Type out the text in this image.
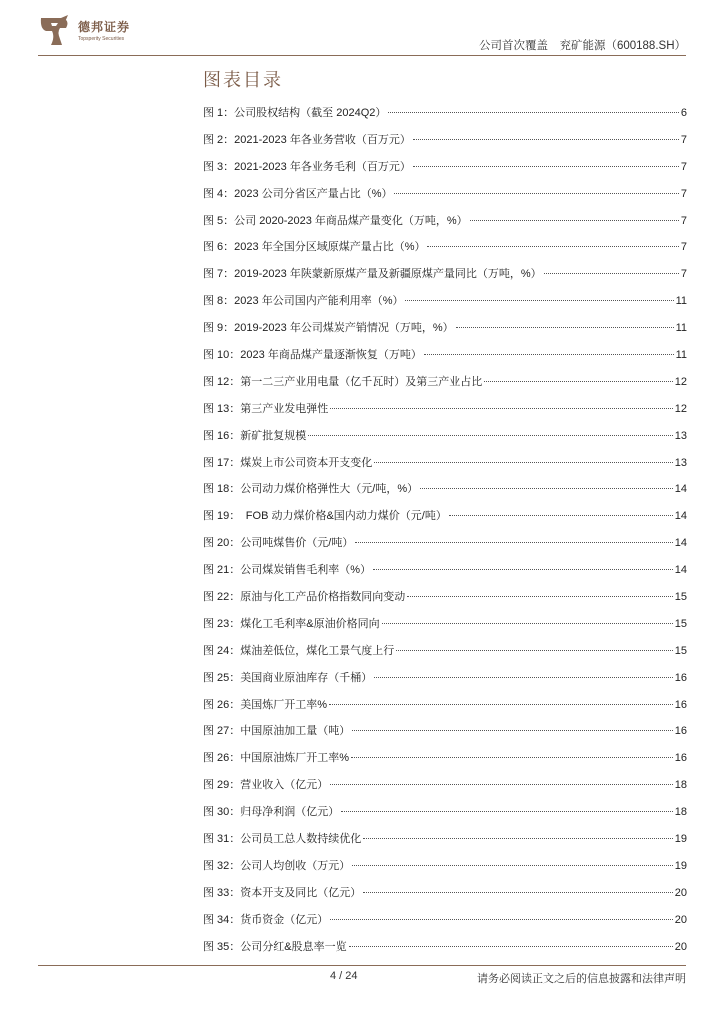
德邦证券
Topsperity Securities
公司首次覆盖　兖矿能源（600188.SH）
图表目录
图 1：公司股权结构（截至 2024Q2）	6
图 2：2021-2023 年各业务营收（百万元）	7
图 3：2021-2023 年各业务毛利（百万元）	7
图 4：2023 公司分省区产量占比（%）	7
图 5：公司 2020-2023 年商品煤产量变化（万吨，%）	7
图 6：2023 年全国分区域原煤产量占比（%）	7
图 7：2019-2023 年陕蒙新原煤产量及新疆原煤产量同比（万吨，%）	7
图 8：2023 年公司国内产能利用率（%）	11
图 9：2019-2023 年公司煤炭产销情况（万吨，%）	11
图 10：2023 年商品煤产量逐渐恢复（万吨）	11
图 12：第一二三产业用电量（亿千瓦时）及第三产业占比	12
图 13：第三产业发电弹性	12
图 16：新矿批复规模	13
图 17：煤炭上市公司资本开支变化	13
图 18：公司动力煤价格弹性大（元/吨，%）	14
图 19：　FOB 动力煤价格&国内动力煤价（元/吨）	14
图 20：公司吨煤售价（元/吨）	14
图 21：公司煤炭销售毛利率（%）	14
图 22：原油与化工产品价格指数同向变动	15
图 23：煤化工毛利率&原油价格同向	15
图 24：煤油差低位，煤化工景气度上行	15
图 25：美国商业原油库存（千桶）	16
图 26：美国炼厂开工率%	16
图 27：中国原油加工量（吨）	16
图 26：中国原油炼厂开工率%	16
图 29：营业收入（亿元）	18
图 30：归母净利润（亿元）	18
图 31：公司员工总人数持续优化	19
图 32：公司人均创收（万元）	19
图 33：资本开支及同比（亿元）	20
图 34：货币资金（亿元）	20
图 35：公司分红&股息率一览	20
4 / 24	请务必阅读正文之后的信息披露和法律声明
